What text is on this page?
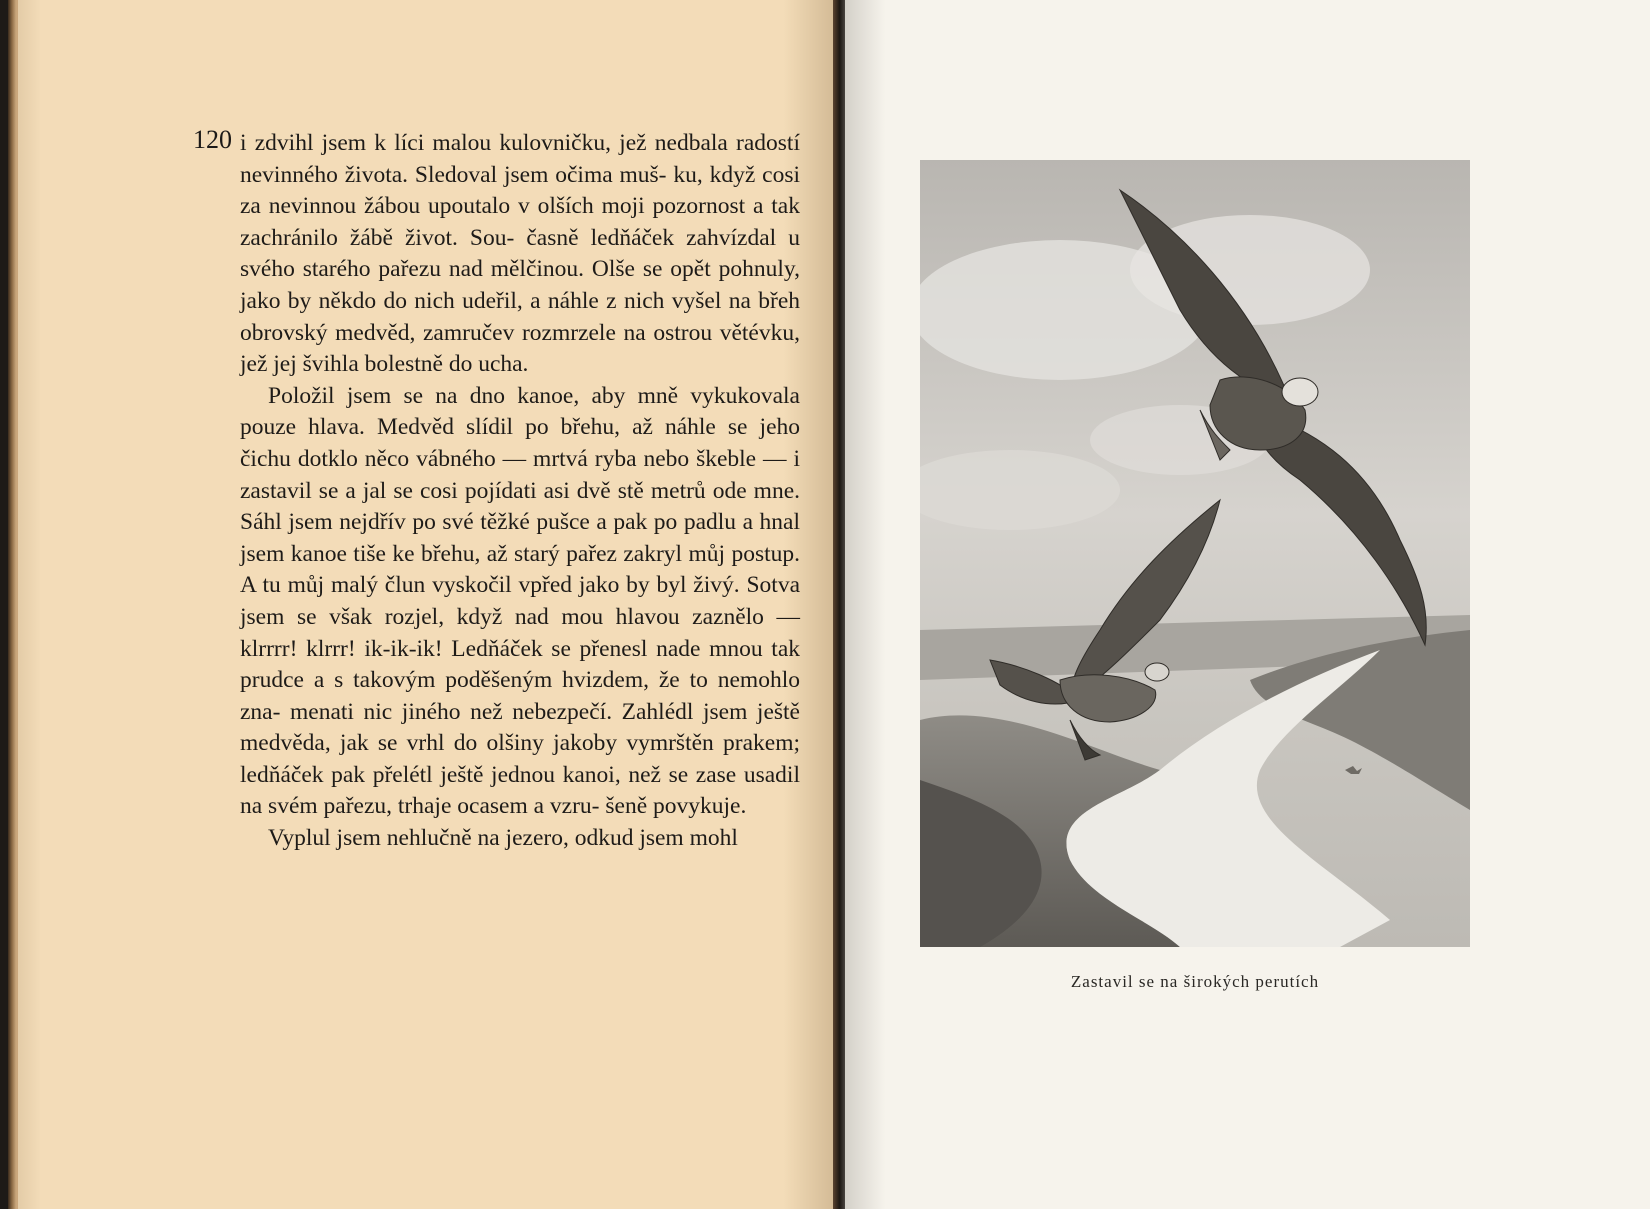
120 i zdvihl jsem k líci malou kulovničku, jež nedbala radostí nevinného života. Sledoval jsem očima muš- ku, když cosi za nevinnou žábou upoutalo v olších moji pozornost a tak zachránilo žábě život. Sou- časně ledňáček zahvízdal u svého starého pařezu nad mělčinou. Olše se opět pohnuly, jako by někdo do nich udeřil, a náhle z nich vyšel na břeh obrovský medvěd, zamručev rozmrzele na ostrou větévku, jež jej švihla bolestně do ucha.

Položil jsem se na dno kanoe, aby mně vykukovala pouze hlava. Medvěd slídil po břehu, až náhle se jeho čichu dotklo něco vábného — mrtvá ryba nebo škeble — i zastavil se a jal se cosi pojídati asi dvě stě metrů ode mne. Sáhl jsem nejdřív po své těžké pušce a pak po padlu a hnal jsem kanoe tiše ke břehu, až starý pařez zakryl můj postup. A tu můj malý člun vyskočil vpřed jako by byl živý. Sotva jsem se však rozjel, když nad mou hlavou zaznělo — klrrrr! klrrr! ik-ik-ik! Ledňáček se přenesl nade mnou tak prudce a s takovým poděšeným hvizdem, že to nemohlo zna- menati nic jiného než nebezpečí. Zahlédl jsem ještě medvěda, jak se vrhl do olšiny jakoby vymrštěn prakem; ledňáček pak přelétl ještě jednou kanoi, než se zase usadil na svém pařezu, trhaje ocasem a vzru- šeně povykuje.

Vyplul jsem nehlučně na jezero, odkud jsem mohl

Zastavil se na širokých perutích
